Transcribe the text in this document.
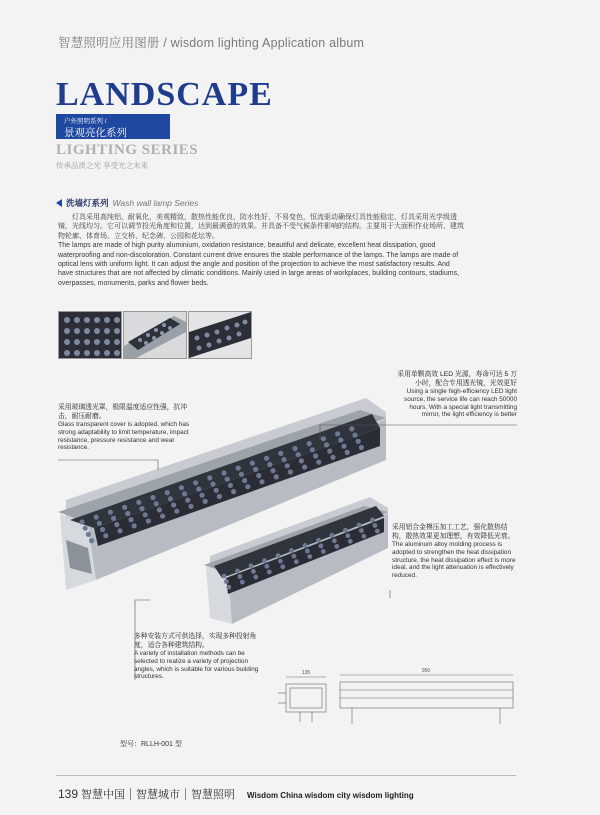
智慧照明应用图册 / wisdom lighting Application album
LANDSCAPE
户外照明系列 /
景观亮化系列
LIGHTING SERIES
传承品质之光 享受光之未来
洗墙灯系列 Wash wall lamp Series

灯具采用高纯铝，耐氧化，美观精致，散热性能优良，防水性好，不易变色，恒流驱动确保灯具性能稳定，灯具采用光学级透镜，光线均匀。它可以调节投光角度和位置，达到最满意的效果。并具备不受气候条件影响的结构。主要用于大面积作业场所、建筑物轮廓、体育场、立交桥、纪念碑、公园和花坛等。

The lamps are made of high purity aluminium, oxidation resistance, beautiful and delicate, excellent heat dissipation, good waterproofing and non-discoloration. Constant current drive ensures the stable performance of the lamps. The lamps are made of optical lens with uniform light. It can adjust the angle and position of the projection to achieve the most satisfactory results. And have structures that are not affected by climatic conditions. Mainly used in large areas of workplaces, building contours, stadiums, overpasses, monuments, parks and flower beds.

135	950

采用单颗高效 LED 光源，寿命可达 5 万小时，配合专用透光镜，光效更好

Using a single high-efficiency LED light source, the service life can reach 50000 hours. With a special light transmitting mirror, the light efficiency is better

采用玻璃透光罩，极限温度适应性强，抗冲击，耐压耐磨。

Glass transparent cover is adopted, which has strong adaptability to limit temperature, impact resistance, pressure resistance and wear resistance.

采用铝合金模压加工工艺，强化散热结构，散热效果更加理想，有效降低光衰。

The aluminum alloy molding process is adopted to strengthen the heat dissipation structure, the heat dissipation effect is more ideal, and the light attenuation is effectively reduced.

多种安装方式可供选择，实现多种投射角度，适合各种建筑结构。

A variety of installation methods can be selected to realize a variety of projection angles, which is suitable for various building structures.

型号：RLLH-001 型
139 智慧中国 智慧城市 智慧照明 Wisdom China wisdom city wisdom lighting
